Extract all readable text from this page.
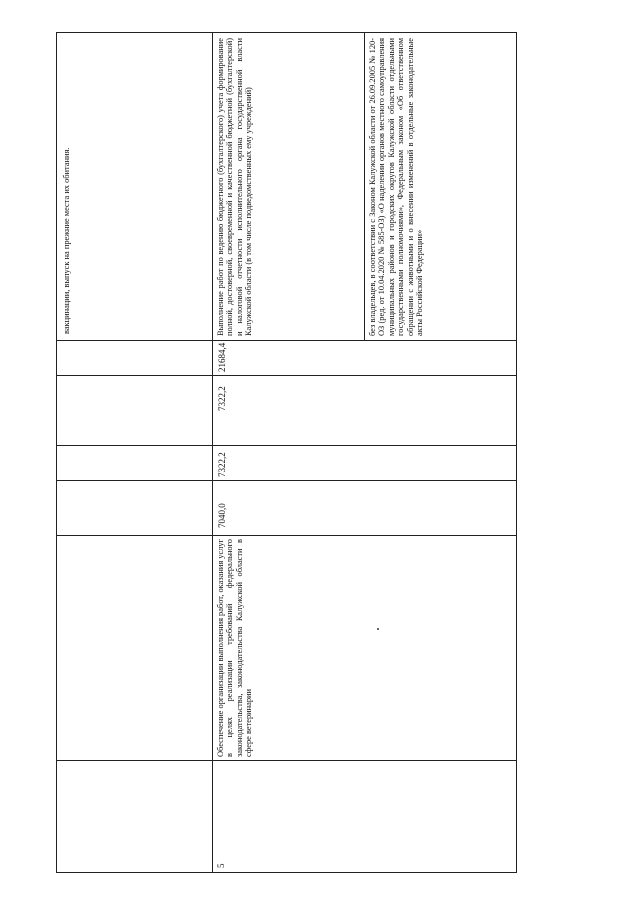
вакцинации, выпуск на прежние места их обитания.	без владельцев, в соответствии с Законом Калужской области от 26.09.2005 № 120-ОЗ (ред. от 10.04.2020 № 585-ОЗ) «О наделении органов местного самоуправления муниципальных районов и городских округов Калужской области отдельными государственными полномочиями», Федеральным законом «Об ответственном обращении с животными и о внесении изменений в отдельные законодательные акты Российской Федерации»
Выполнение работ по ведению бюджетного (бухгалтерского) учета формирование полной, достоверной, своевременной и качественной бюджетной (бухгалтерской) и налоговой отчетности исполнительного органа государственной власти Калужской области (в том числе подведомственных ему учреждений)
21684,4
7322,2
7322,2
7040,0
Обеспечение организации выполнения работ, оказания услуг в целях реализации требований федерального законодательства, законодательства Калужской области в сфере ветеринарии
5
